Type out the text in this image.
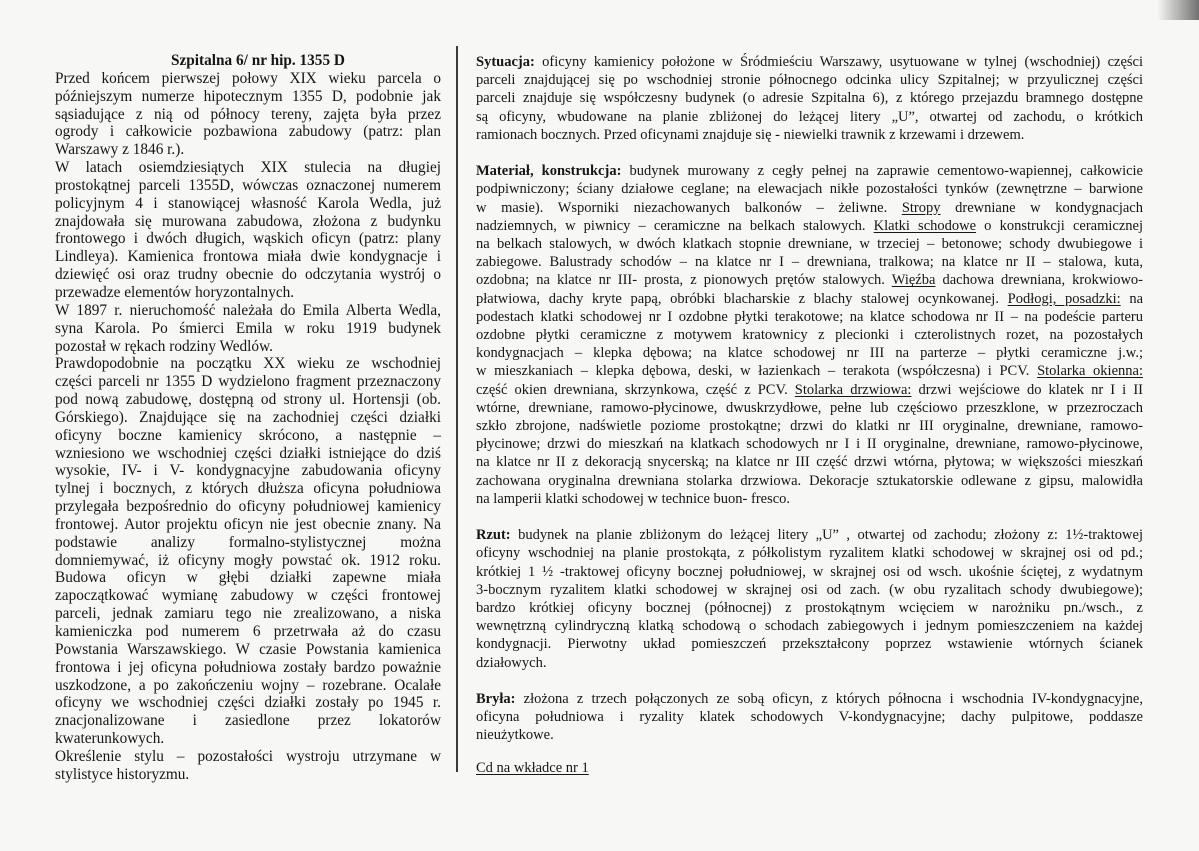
Szpitalna 6/ nr hip. 1355 D
Przed końcem pierwszej połowy XIX wieku parcela o
późniejszym numerze hipotecznym 1355 D, podobnie jak
sąsiadujące z nią od północy tereny, zajęta była przez
ogrody i całkowicie pozbawiona zabudowy (patrz: plan
Warszawy z 1846 r.).
W latach osiemdziesiątych XIX stulecia na długiej
prostokątnej parceli 1355D, wówczas oznaczonej numerem
policyjnym 4 i stanowiącej własność Karola Wedla, już
znajdowała się murowana zabudowa, złożona z budynku
frontowego i dwóch długich, wąskich oficyn (patrz: plany
Lindleya). Kamienica frontowa miała dwie kondygnacje i
dziewięć osi oraz trudny obecnie do odczytania wystrój o
przewadze elementów horyzontalnych.
W 1897 r. nieruchomość należała do Emila Alberta Wedla,
syna Karola. Po śmierci Emila w roku 1919 budynek
pozostał w rękach rodziny Wedlów.
Prawdopodobnie na początku XX wieku ze wschodniej
części parceli nr 1355 D wydzielono fragment przeznaczony
pod nową zabudowę, dostępną od strony ul. Hortensji (ob.
Górskiego). Znajdujące się na zachodniej części działki
oficyny boczne kamienicy skrócono, a następnie –
wzniesiono we wschodniej części działki istniejące do dziś
wysokie, IV- i V- kondygnacyjne zabudowania oficyny
tylnej i bocznych, z których dłuższa oficyna południowa
przylegała bezpośrednio do oficyny południowej kamienicy
frontowej. Autor projektu oficyn nie jest obecnie znany. Na
podstawie analizy formalno-stylistycznej można
domniemywać, iż oficyny mogły powstać ok. 1912 roku.
Budowa oficyn w głębi działki zapewne miała
zapoczątkować wymianę zabudowy w części frontowej
parceli, jednak zamiaru tego nie zrealizowano, a niska
kamieniczka pod numerem 6 przetrwała aż do czasu
Powstania Warszawskiego. W czasie Powstania kamienica
frontowa i jej oficyna południowa zostały bardzo poważnie
uszkodzone, a po zakończeniu wojny – rozebrane. Ocalałe
oficyny we wschodniej części działki zostały po 1945 r.
znacjonalizowane i zasiedlone przez lokatorów
kwaterunkowych.
Określenie stylu – pozostałości wystroju utrzymane w
stylistyce historyzmu.
Sytuacja: oficyny kamienicy położone w Śródmieściu Warszawy, usytuowane w tylnej (wschodniej) części
parceli znajdującej się po wschodniej stronie północnego odcinka ulicy Szpitalnej; w przyulicznej części
parceli znajduje się współczesny budynek (o adresie Szpitalna 6), z którego przejazdu bramnego dostępne
są oficyny, wbudowane na planie zbliżonej do leżącej litery „U”, otwartej od zachodu, o krótkich
ramionach bocznych. Przed oficynami znajduje się - niewielki trawnik z krzewami i drzewem.
Materiał, konstrukcja: budynek murowany z cegły pełnej na zaprawie cementowo-wapiennej, całkowicie
podpiwniczony; ściany działowe ceglane; na elewacjach nikłe pozostałości tynków (zewnętrzne – barwione
w masie). Wsporniki niezachowanych balkonów – żeliwne. Stropy drewniane w kondygnacjach
nadziemnych, w piwnicy – ceramiczne na belkach stalowych. Klatki schodowe o konstrukcji ceramicznej
na belkach stalowych, w dwóch klatkach stopnie drewniane, w trzeciej – betonowe; schody dwubiegowe i
zabiegowe. Balustrady schodów – na klatce nr I – drewniana, tralkowa; na klatce nr II – stalowa, kuta,
ozdobna; na klatce nr III- prosta, z pionowych prętów stalowych. Więźba dachowa drewniana, krokwiowo-
płatwiowa, dachy kryte papą, obróbki blacharskie z blachy stalowej ocynkowanej. Podłogi, posadzki: na
podestach klatki schodowej nr I ozdobne płytki terakotowe; na klatce schodowa nr II – na podeście parteru
ozdobne płytki ceramiczne z motywem kratownicy z plecionki i czterolistnych rozet, na pozostałych
kondygnacjach – klepka dębowa; na klatce schodowej nr III na parterze – płytki ceramiczne j.w.;
w mieszkaniach – klepka dębowa, deski, w łazienkach – terakota (współczesna) i PCV. Stolarka okienna:
część okien drewniana, skrzynkowa, część z PCV. Stolarka drzwiowa: drzwi wejściowe do klatek nr I i II
wtórne, drewniane, ramowo-płycinowe, dwuskrzydłowe, pełne lub częściowo przeszklone, w przezroczach
szkło zbrojone, nadświetle poziome prostokątne; drzwi do klatki nr III oryginalne, drewniane, ramowo-
płycinowe; drzwi do mieszkań na klatkach schodowych nr I i II oryginalne, drewniane, ramowo-płycinowe,
na klatce nr II z dekoracją snycerską; na klatce nr III część drzwi wtórna, płytowa; w większości mieszkań
zachowana oryginalna drewniana stolarka drzwiowa. Dekoracje sztukatorskie odlewane z gipsu, malowidła
na lamperii klatki schodowej w technice buon- fresco.
Rzut: budynek na planie zbliżonym do leżącej litery „U” , otwartej od zachodu; złożony z: 1½-traktowej
oficyny wschodniej na planie prostokąta, z półkolistym ryzalitem klatki schodowej w skrajnej osi od pd.;
krótkiej 1 ½ -traktowej oficyny bocznej południowej, w skrajnej osi od wsch. ukośnie ściętej, z wydatnym
3-bocznym ryzalitem klatki schodowej w skrajnej osi od zach. (w obu ryzalitach schody dwubiegowe);
bardzo krótkiej oficyny bocznej (północnej) z prostokątnym wcięciem w narożniku pn./wsch., z
wewnętrzną cylindryczną klatką schodową o schodach zabiegowych i jednym pomieszczeniem na każdej
kondygnacji. Pierwotny układ pomieszczeń przekształcony poprzez wstawienie wtórnych ścianek
działowych.
Bryła: złożona z trzech połączonych ze sobą oficyn, z których północna i wschodnia IV-kondygnacyjne,
oficyna południowa i ryzality klatek schodowych V-kondygnacyjne; dachy pulpitowe, poddasze
nieużytkowe.
Cd na wkładce nr 1
